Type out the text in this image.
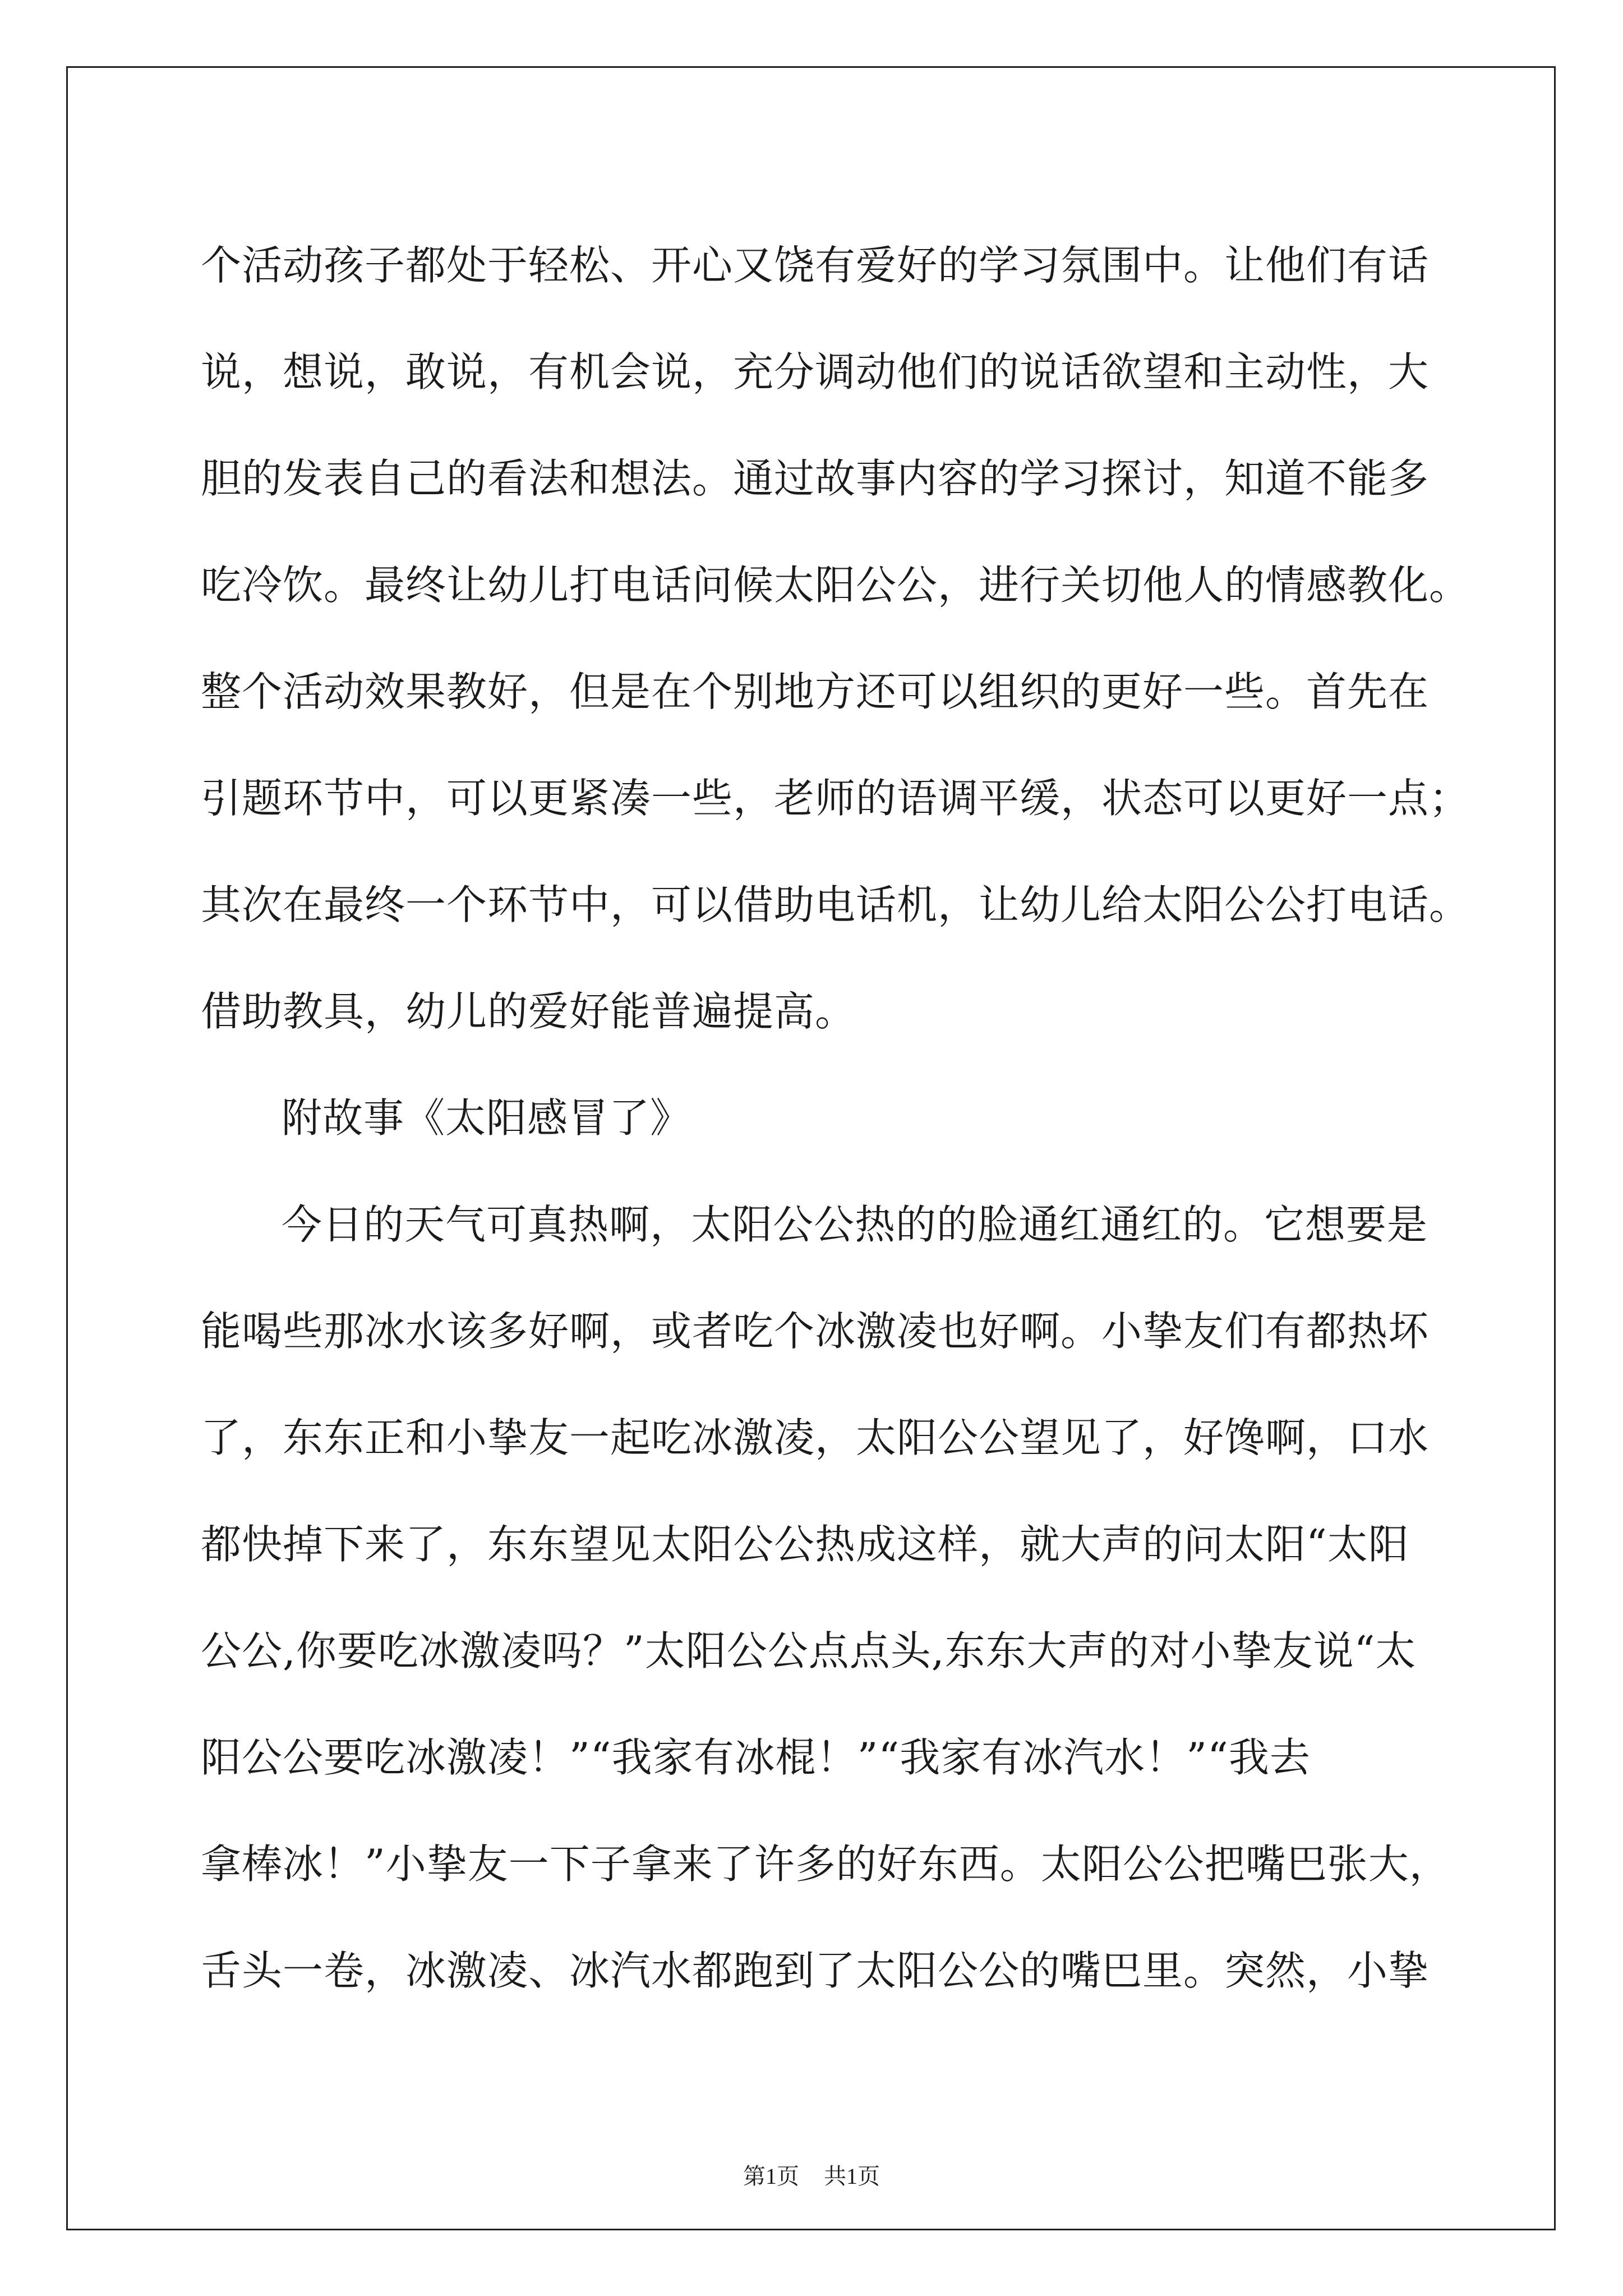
个活动孩子都处于轻松、开心又饶有爱好的学习氛围中。让他们有话
说，想说，敢说，有机会说，充分调动他们的说话欲望和主动性，大
胆的发表自己的看法和想法。通过故事内容的学习探讨，知道不能多
吃冷饮。最终让幼儿打电话问候太阳公公，进行关切他人的情感教化。
整个活动效果教好，但是在个别地方还可以组织的更好一些。首先在
引题环节中，可以更紧凑一些，老师的语调平缓，状态可以更好一点；
其次在最终一个环节中，可以借助电话机，让幼儿给太阳公公打电话。
借助教具，幼儿的爱好能普遍提高。
附故事《太阳感冒了》
今日的天气可真热啊，太阳公公热的的脸通红通红的。它想要是
能喝些那冰水该多好啊，或者吃个冰激凌也好啊。小挚友们有都热坏
了，东东正和小挚友一起吃冰激凌，太阳公公望见了，好馋啊，口水
都快掉下来了，东东望见太阳公公热成这样，就大声的问太阳“太阳
公公,你要吃冰激凌吗？”太阳公公点点头,东东大声的对小挚友说“太
阳公公要吃冰激凌！”“我家有冰棍！”“我家有冰汽水！”“我去
拿棒冰！”小挚友一下子拿来了许多的好东西。太阳公公把嘴巴张大，
舌头一卷，冰激凌、冰汽水都跑到了太阳公公的嘴巴里。突然，小挚
第1页 共1页
